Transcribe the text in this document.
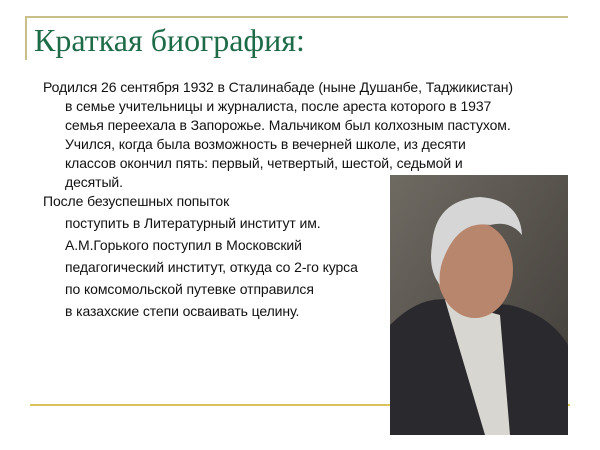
Краткая биография:
Родился 26 сентября 1932 в Сталинабаде (ныне Душанбе, Таджикистан)
в семье учительницы и журналиста, после ареста которого в 1937
семья переехала в Запорожье. Мальчиком был колхозным пастухом.
Учился, когда была возможность в вечерней школе, из десяти
классов окончил пять: первый, четвертый, шестой, седьмой и
десятый.
После безуспешных попыток
поступить в Литературный институт им.
А.М.Горького поступил в Московский
педагогический институт, откуда со 2-го курса
по комсомольской путевке отправился
в казахские степи осваивать целину.
